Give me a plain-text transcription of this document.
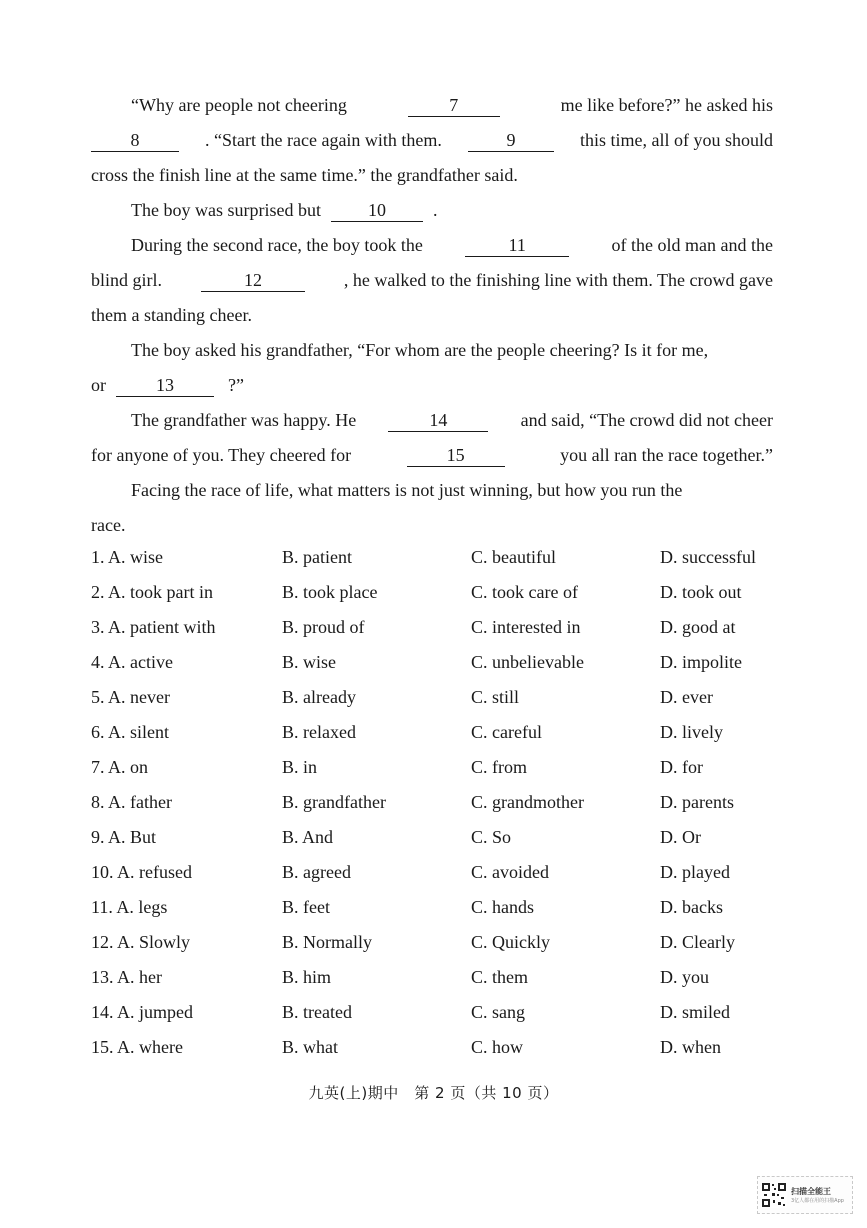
“Why are people not cheering	7	me like before?” he asked his
8	. “Start the race again with them.	9	this time, all of you should
cross the finish line at the same time.” the grandfather said.
The boy was surprised but	10	.
During the second race, the boy took the	11	of the old man and the
blind girl.	12	, he walked to the finishing line with them. The crowd gave
them a standing cheer.
The boy asked his grandfather, “For whom are the people cheering? Is it for me,
or	13	?”
The grandfather was happy. He	14	and said, “The crowd did not cheer
for anyone of you. They cheered for	15	you all ran the race together.”
Facing the race of life, what matters is not just winning, but how you run the
race.
1. A. wise	B. patient	C. beautiful	D. successful
2. A. took part in	B. took place	C. took care of	D. took out
3. A. patient with	B. proud of	C. interested in	D. good at
4. A. active	B. wise	C. unbelievable	D. impolite
5. A. never	B. already	C. still	D. ever
6. A. silent	B. relaxed	C. careful	D. lively
7. A. on	B. in	C. from	D. for
8. A. father	B. grandfather	C. grandmother	D. parents
9. A. But	B. And	C. So	D. Or
10. A. refused	B. agreed	C. avoided	D. played
11. A. legs	B. feet	C. hands	D. backs
12. A. Slowly	B. Normally	C. Quickly	D. Clearly
13. A. her	B. him	C. them	D. you
14. A. jumped	B. treated	C. sang	D. smiled
15. A. where	B. what	C. how	D. when
九英(上)期中　第 2 页（共 10 页）
扫描全能王
3亿人都在用的扫描App
